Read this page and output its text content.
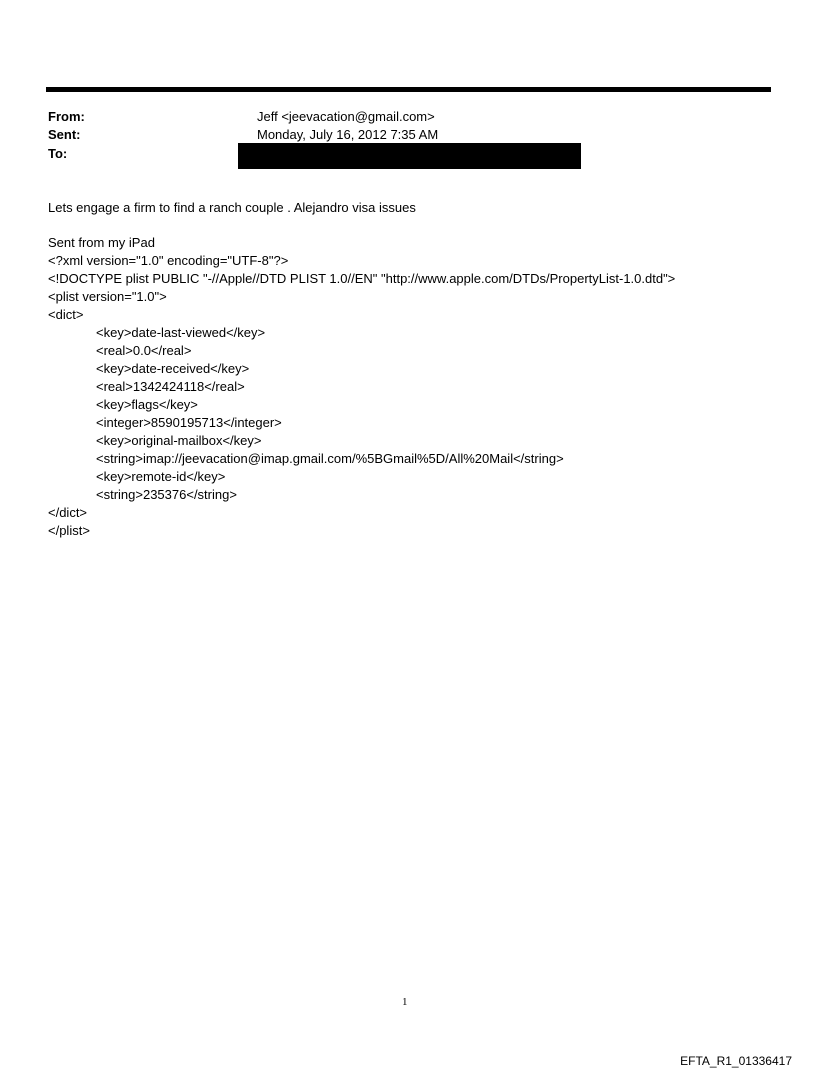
From:	Jeff <jeevacation@gmail.com>
Sent:	Monday, July 16, 2012 7:35 AM
To:
Lets engage a firm to find a ranch couple . Alejandro visa issues
Sent from my iPad
<?xml version="1.0" encoding="UTF-8"?>
<!DOCTYPE plist PUBLIC "-//Apple//DTD PLIST 1.0//EN" "http://www.apple.com/DTDs/PropertyList-1.0.dtd">
<plist version="1.0">
<dict>
<key>date-last-viewed</key>
<real>0.0</real>
<key>date-received</key>
<real>1342424118</real>
<key>flags</key>
<integer>8590195713</integer>
<key>original-mailbox</key>
<string>imap://jeevacation@imap.gmail.com/%5BGmail%5D/All%20Mail</string>
<key>remote-id</key>
<string>235376</string>
</dict>
</plist>
1
EFTA_R1_01336417
